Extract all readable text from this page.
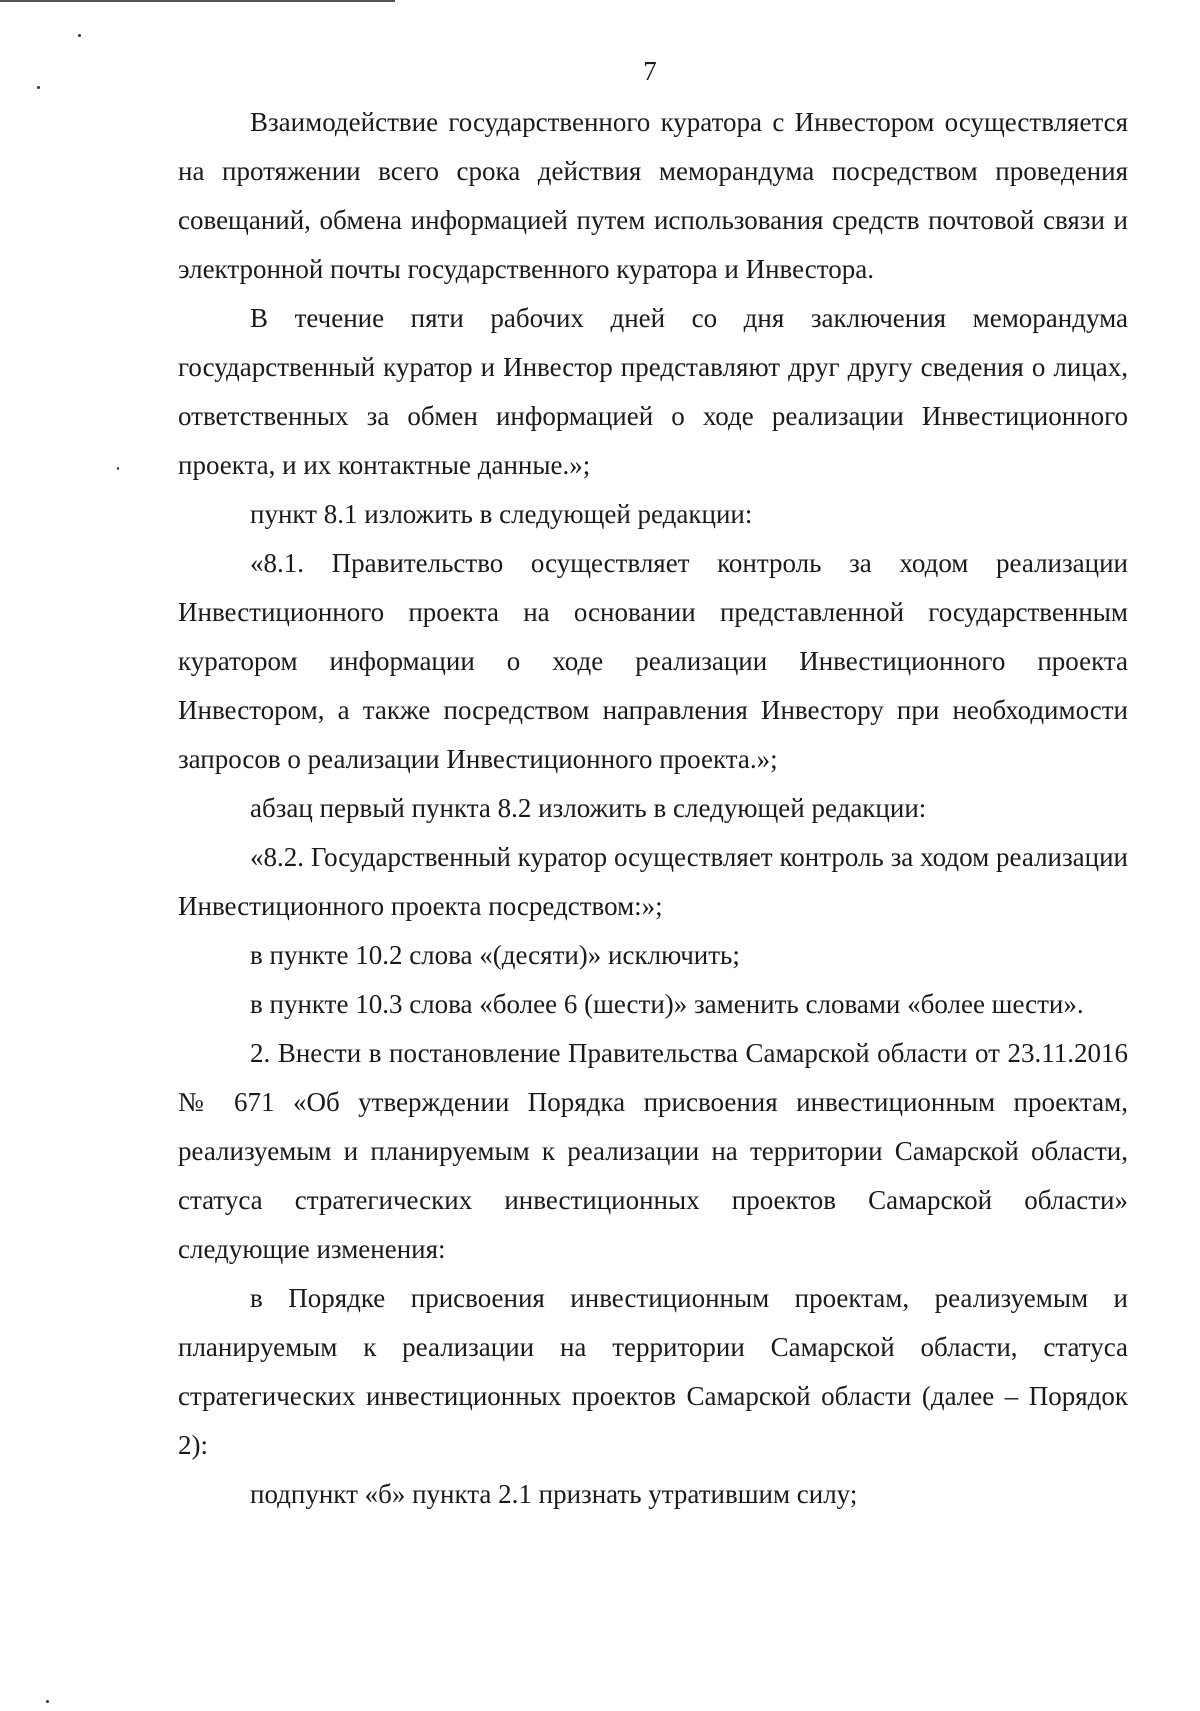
7

Взаимодействие государственного куратора с Инвестором осуществляется на протяжении всего срока действия меморандума посредством проведения совещаний, обмена информацией путем использования средств почтовой связи и электронной почты государственного куратора и Инвестора.

В течение пяти рабочих дней со дня заключения меморандума государственный куратор и Инвестор представляют друг другу сведения о лицах, ответственных за обмен информацией о ходе реализации Инвестиционного проекта, и их контактные данные.»;

пункт 8.1 изложить в следующей редакции:

«8.1. Правительство осуществляет контроль за ходом реализации Инвестиционного проекта на основании представленной государственным куратором информации о ходе реализации Инвестиционного проекта Инвестором, а также посредством направления Инвестору при необходимости запросов о реализации Инвестиционного проекта.»;

абзац первый пункта 8.2 изложить в следующей редакции:

«8.2. Государственный куратор осуществляет контроль за ходом реализации Инвестиционного проекта посредством:»;

в пункте 10.2 слова «(десяти)» исключить;

в пункте 10.3 слова «более 6 (шести)» заменить словами «более шести».

2. Внести в постановление Правительства Самарской области от 23.11.2016 № 671 «Об утверждении Порядка присвоения инвестиционным проектам, реализуемым и планируемым к реализации на территории Самарской области, статуса стратегических инвестиционных проектов Самарской области» следующие изменения:

в Порядке присвоения инвестиционным проектам, реализуемым и планируемым к реализации на территории Самарской области, статуса стратегических инвестиционных проектов Самарской области (далее – Порядок 2):

подпункт «б» пункта 2.1 признать утратившим силу;
